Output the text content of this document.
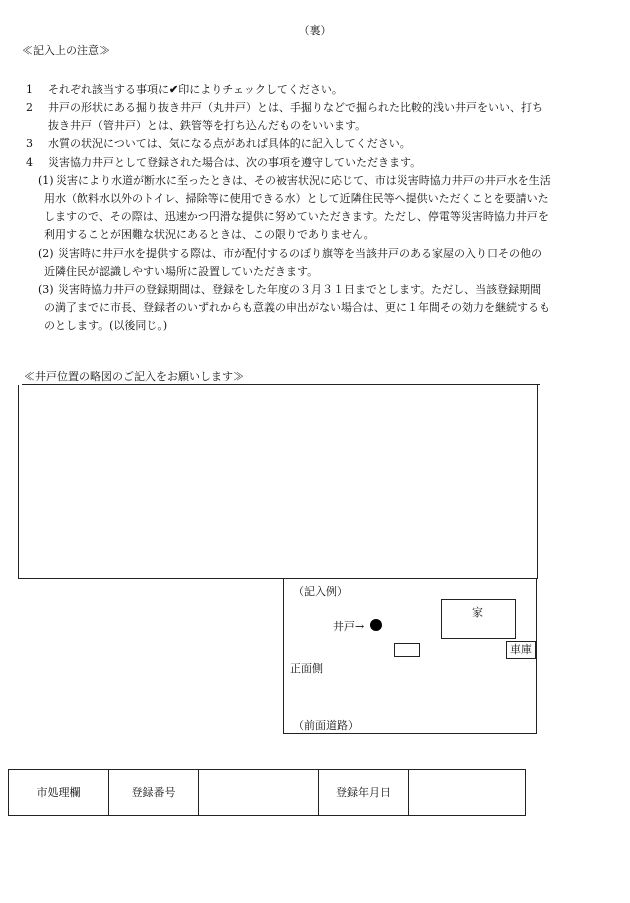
（裏）
≪記入上の注意≫
1 それぞれ該当する事項に✔印によりチェックしてください。
2 井戸の形状にある掘り抜き井戸（丸井戸）とは、手掘りなどで掘られた比較的浅い井戸をいい、打ち
抜き井戸（管井戸）とは、鉄管等を打ち込んだものをいいます。
3 水質の状況については、気になる点があれば具体的に記入してください。
4 災害協力井戸として登録された場合は、次の事項を遵守していただきます。
(1) 災害により水道が断水に至ったときは、その被害状況に応じて、市は災害時協力井戸の井戸水を生活
用水（飲料水以外のトイレ、掃除等に使用できる水）として近隣住民等へ提供いただくことを要請いた
しますので、その際は、迅速かつ円滑な提供に努めていただきます。ただし、停電等災害時協力井戸を
利用することが困難な状況にあるときは、この限りでありません。
(2) 災害時に井戸水を提供する際は、市が配付するのぼり旗等を当該井戸のある家屋の入り口その他の
近隣住民が認識しやすい場所に設置していただきます。
(3) 災害時協力井戸の登録期間は、登録をした年度の３月３１日までとします。ただし、当該登録期間
の満了までに市長、登録者のいずれからも意義の申出がない場合は、更に１年間その効力を継続するも
のとします。(以後同じ。)
≪井戸位置の略図のご記入をお願いします≫
（記入例）
家
井戸→
車庫
正面側
（前面道路）
市処理欄	登録番号		登録年月日	
